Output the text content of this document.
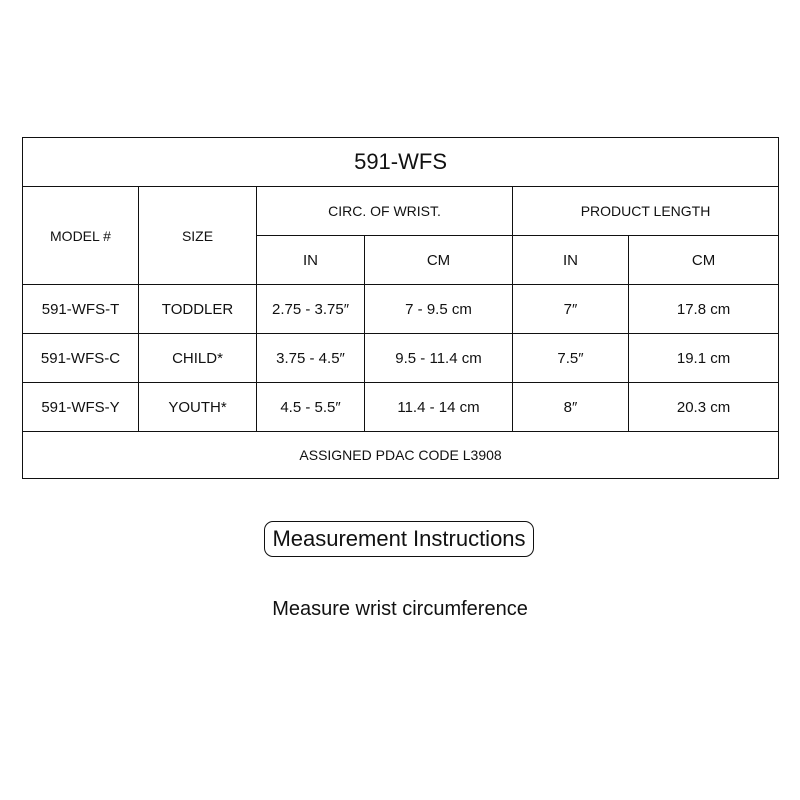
591-WFS					
MODEL #	SIZE	CIRC. OF WRIST.		PRODUCT LENGTH	
		IN	CM	IN	CM
591-WFS-T	TODDLER	2.75 - 3.75″	7 - 9.5 cm	7″	17.8 cm
591-WFS-C	CHILD*	3.75 - 4.5″	9.5 - 11.4 cm	7.5″	19.1 cm
591-WFS-Y	YOUTH*	4.5 - 5.5″	11.4 - 14 cm	8″	20.3 cm
ASSIGNED PDAC CODE L3908					
Measurement Instructions
Measure wrist circumference
